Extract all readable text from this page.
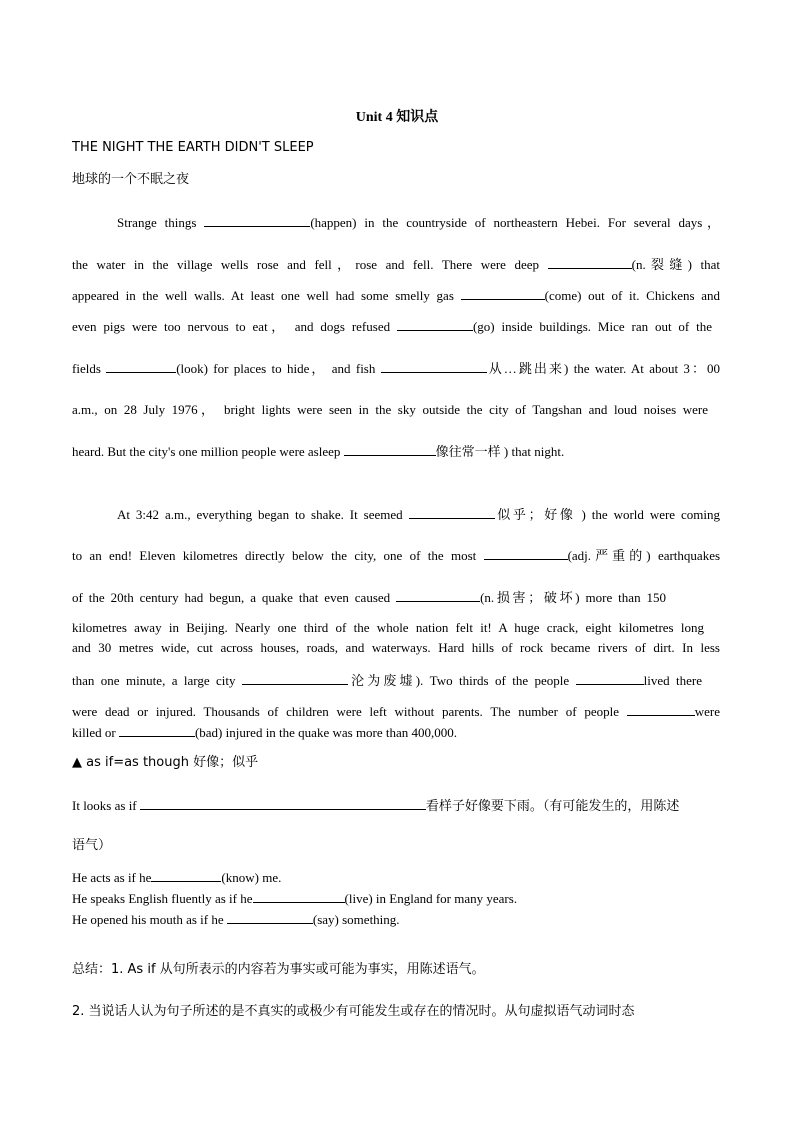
Unit 4 知识点
THE NIGHT THE EARTH DIDN'T SLEEP
地球的一个不眠之夜
Strange things	(happen) in the countryside of northeastern Hebei. For several days，
the water in the village wells rose and fell，rose and fell. There were deep	(n.裂缝) that
appeared in the well walls. At least one well had some smelly gas	(come) out of it. Chickens and
even pigs were too nervous to eat， and dogs refused	(go) inside buildings. Mice ran out of the
fields	(look) for places to hide， and fish	从…跳出来) the water. At about 3：00
a.m., on 28 July 1976， bright lights were seen in the sky outside the city of Tangshan and loud noises were
heard. But the city's one million people were asleep	像往常一样 ) that night.
At 3:42 a.m., everything began to shake. It seemed	似乎；好像 ) the world were coming
to an end! Eleven kilometres directly below the city, one of the most	(adj.严重的) earthquakes
of the 20th century had begun, a quake that even caused	(n.损害；破坏) more than 150
kilometres away in Beijing. Nearly one third of the whole nation felt it! A huge crack, eight kilometres long
and 30 metres wide, cut across houses, roads, and waterways. Hard hills of rock became rivers of dirt. In less
than one minute, a large city	沦为废墟). Two thirds of the people	lived there
were dead or injured. Thousands of children were left without parents. The number of people	were
killed or	(bad) injured in the quake was more than 400,000.
▲ as if=as though 好像；似乎
It looks as if	看样子好像要下雨。（有可能发生的，用陈述
语气）
He acts as if he	(know) me.
He speaks English fluently as if he	(live) in England for many years.
He opened his mouth as if he	(say) something.
总结：1. As if 从句所表示的内容若为事实或可能为事实，用陈述语气。
2. 当说话人认为句子所述的是不真实的或极少有可能发生或存在的情况时。从句虚拟语气动词时态
